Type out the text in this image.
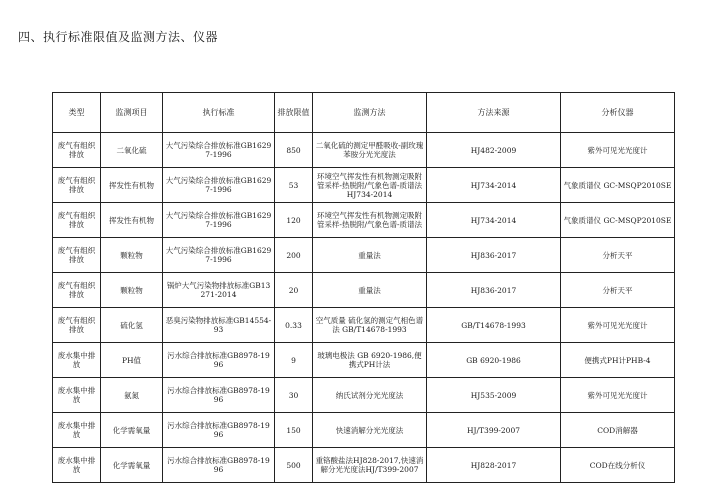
四、执行标准限值及监测方法、仪器
类型	监测项目	执行标准	排放限值	监测方法	方法来源	分析仪器
废气有组织排放	二氧化硫	大气污染综合排放标准GB16297-1996	850	二氧化硫的测定甲醛吸收-副玫瑰苯胺分光光度法	HJ482-2009	紫外可见光光度计
废气有组织排放	挥发性有机物	大气污染综合排放标准GB16297-1996	53	环境空气挥发性有机物测定吸附管采样-热脱附/气象色谱-质谱法HJ734-2014	HJ734-2014	气象质谱仪 GC-MSQP2010SE
废气有组织排放	挥发性有机物	大气污染综合排放标准GB16297-1996	120	环境空气挥发性有机物测定吸附管采样-热脱附/气象色谱-质谱法	HJ734-2014	气象质谱仪 GC-MSQP2010SE
废气有组织排放	颗粒物	大气污染综合排放标准GB16297-1996	200	重量法	HJ836-2017	分析天平
废气有组织排放	颗粒物	锅炉大气污染物排放标准GB13271-2014	20	重量法	HJ836-2017	分析天平
废气有组织排放	硫化氢	恶臭污染物排放标准GB14554-93	0.33	空气质量 硫化氢的测定气相色谱法 GB/T14678-1993	GB/T14678-1993	紫外可见光光度计
废水集中排放	PH值	污水综合排放标准GB8978-1996	9	玻璃电极法 GB 6920-1986,便携式PH计法	GB 6920-1986	便携式PH计PHB-4
废水集中排放	氨氮	污水综合排放标准GB8978-1996	30	纳氏试剂分光光度法	HJ535-2009	紫外可见光光度计
废水集中排放	化学需氧量	污水综合排放标准GB8978-1996	150	快速消解分光光度法	HJ/T399-2007	COD消解器
废水集中排放	化学需氧量	污水综合排放标准GB8978-1996	500	重铬酸盐法HJ828-2017,快速消解分光光度法HJ/T399-2007	HJ828-2017	COD在线分析仪
